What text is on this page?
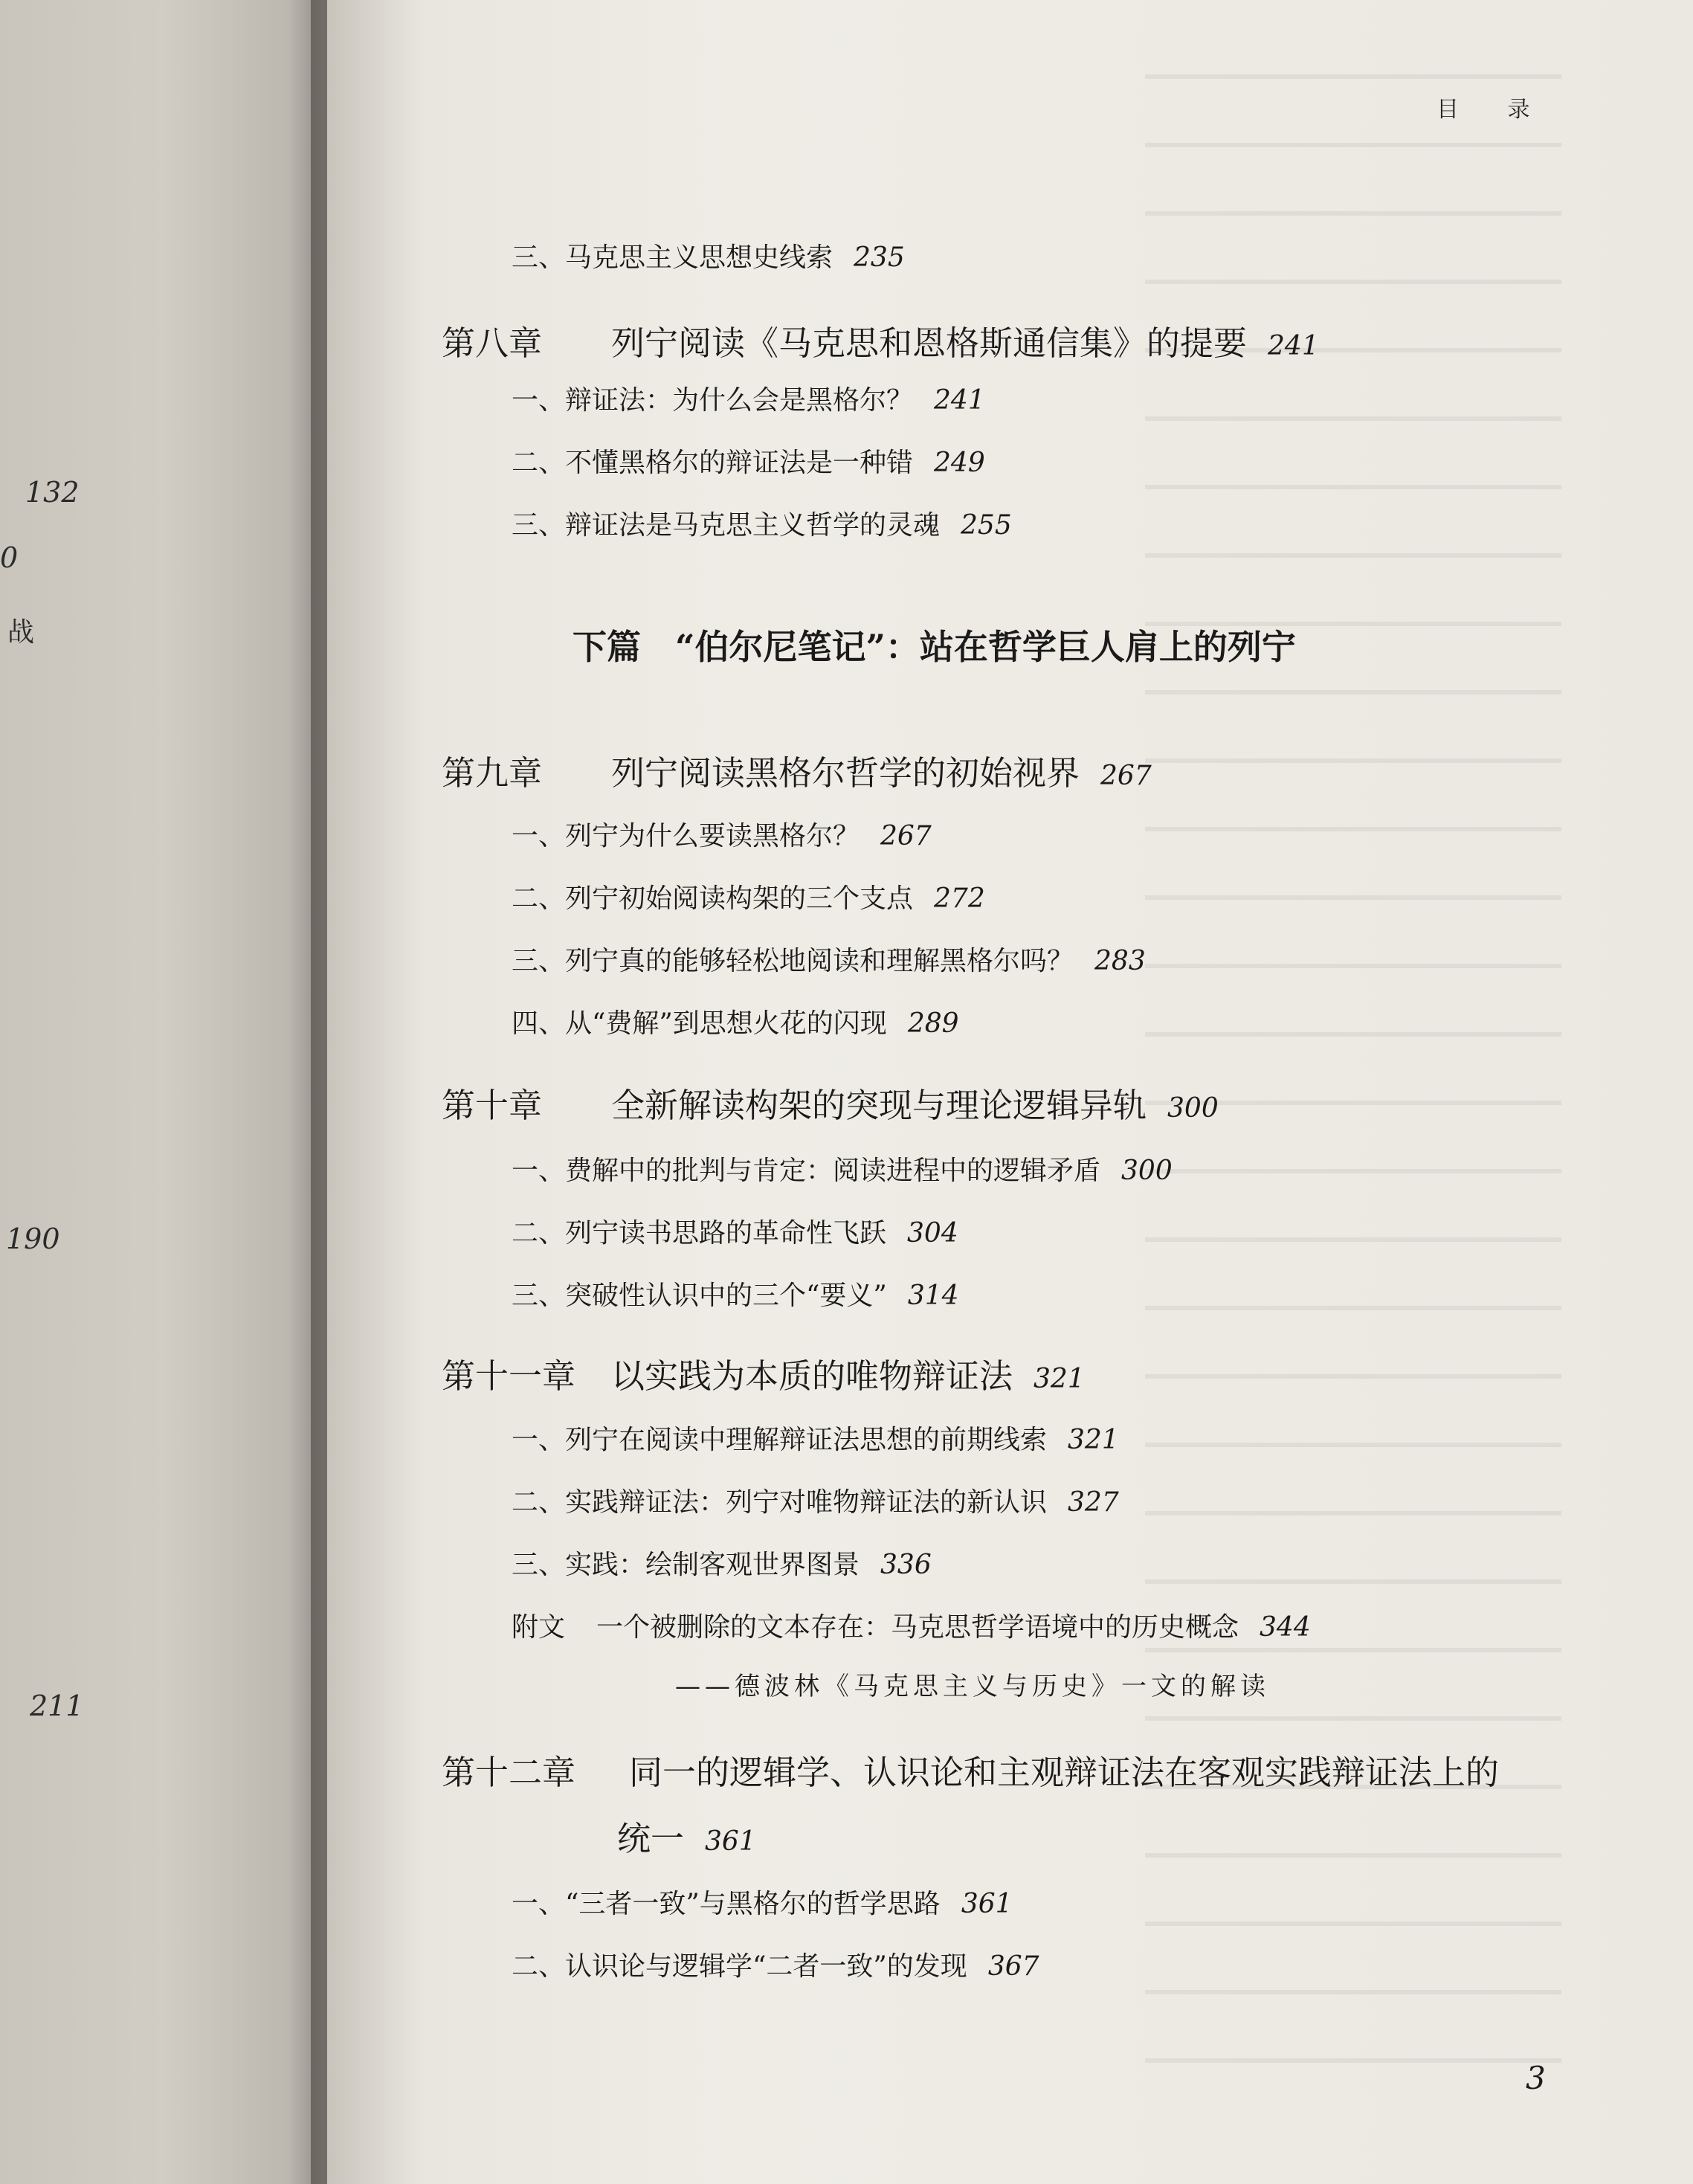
132
0
战
190
211
目 录
三、马克思主义思想史线索 235
第八章 列宁阅读《马克思和恩格斯通信集》的提要 241
一、辩证法：为什么会是黑格尔？ 241
二、不懂黑格尔的辩证法是一种错 249
三、辩证法是马克思主义哲学的灵魂 255
下篇 “伯尔尼笔记”：站在哲学巨人肩上的列宁
第九章 列宁阅读黑格尔哲学的初始视界 267
一、列宁为什么要读黑格尔？ 267
二、列宁初始阅读构架的三个支点 272
三、列宁真的能够轻松地阅读和理解黑格尔吗？ 283
四、从“费解”到思想火花的闪现 289
第十章 全新解读构架的突现与理论逻辑异轨 300
一、费解中的批判与肯定：阅读进程中的逻辑矛盾 300
二、列宁读书思路的革命性飞跃 304
三、突破性认识中的三个“要义” 314
第十一章 以实践为本质的唯物辩证法 321
一、列宁在阅读中理解辩证法思想的前期线索 321
二、实践辩证法：列宁对唯物辩证法的新认识 327
三、实践：绘制客观世界图景 336
附文 一个被删除的文本存在：马克思哲学语境中的历史概念 344
——德波林《马克思主义与历史》一文的解读
第十二章 同一的逻辑学、认识论和主观辩证法在客观实践辩证法上的
统一 361
一、“三者一致”与黑格尔的哲学思路 361
二、认识论与逻辑学“二者一致”的发现 367
3
